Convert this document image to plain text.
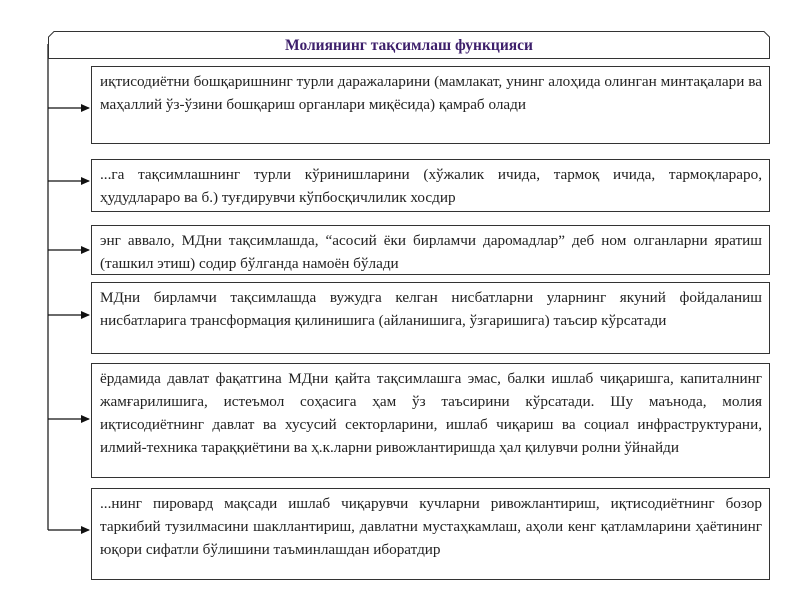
Молиянинг тақсимлаш функцияси
иқтисодиётни бошқаришнинг турли даражаларини (мамлакат, унинг алоҳида олинган минтақалари ва маҳаллий ўз-ўзини бошқариш органлари миқёсида) қамраб олади
...га тақсимлашнинг турли кўринишларини (хўжалик ичида, тармоқ ичида, тармоқлараро, ҳудудлараро ва б.) туғдирувчи кўпбосқичлилик хосдир
энг аввало, МДни тақсимлашда, “асосий ёки бирламчи даромадлар” деб ном олганларни яратиш (ташкил этиш) содир бўлганда намоён бўлади
МДни бирламчи тақсимлашда вужудга келган нисбатларни уларнинг якуний фойдаланиш нисбатларига трансформация қилинишига (айланишига, ўзгаришига) таъсир кўрсатади
ёрдамида давлат фақатгина МДни қайта тақсимлашга эмас, балки ишлаб чиқаришга, капиталнинг жамғарилишига, истеъмол соҳасига ҳам ўз таъсирини кўрсатади. Шу маънода, молия иқтисодиётнинг давлат ва хусусий секторларини, ишлаб чиқариш ва социал инфраструктурани, илмий-техника тараққиётини ва ҳ.к.ларни ривожлантиришда ҳал қилувчи ролни ўйнайди
...нинг пировард мақсади ишлаб чиқарувчи кучларни ривожлантириш, иқтисодиётнинг бозор таркибий тузилмасини шакллантириш, давлатни мустаҳкамлаш, аҳоли кенг қатламларини ҳаётининг юқори сифатли бўлишини таъминлашдан иборатдир
